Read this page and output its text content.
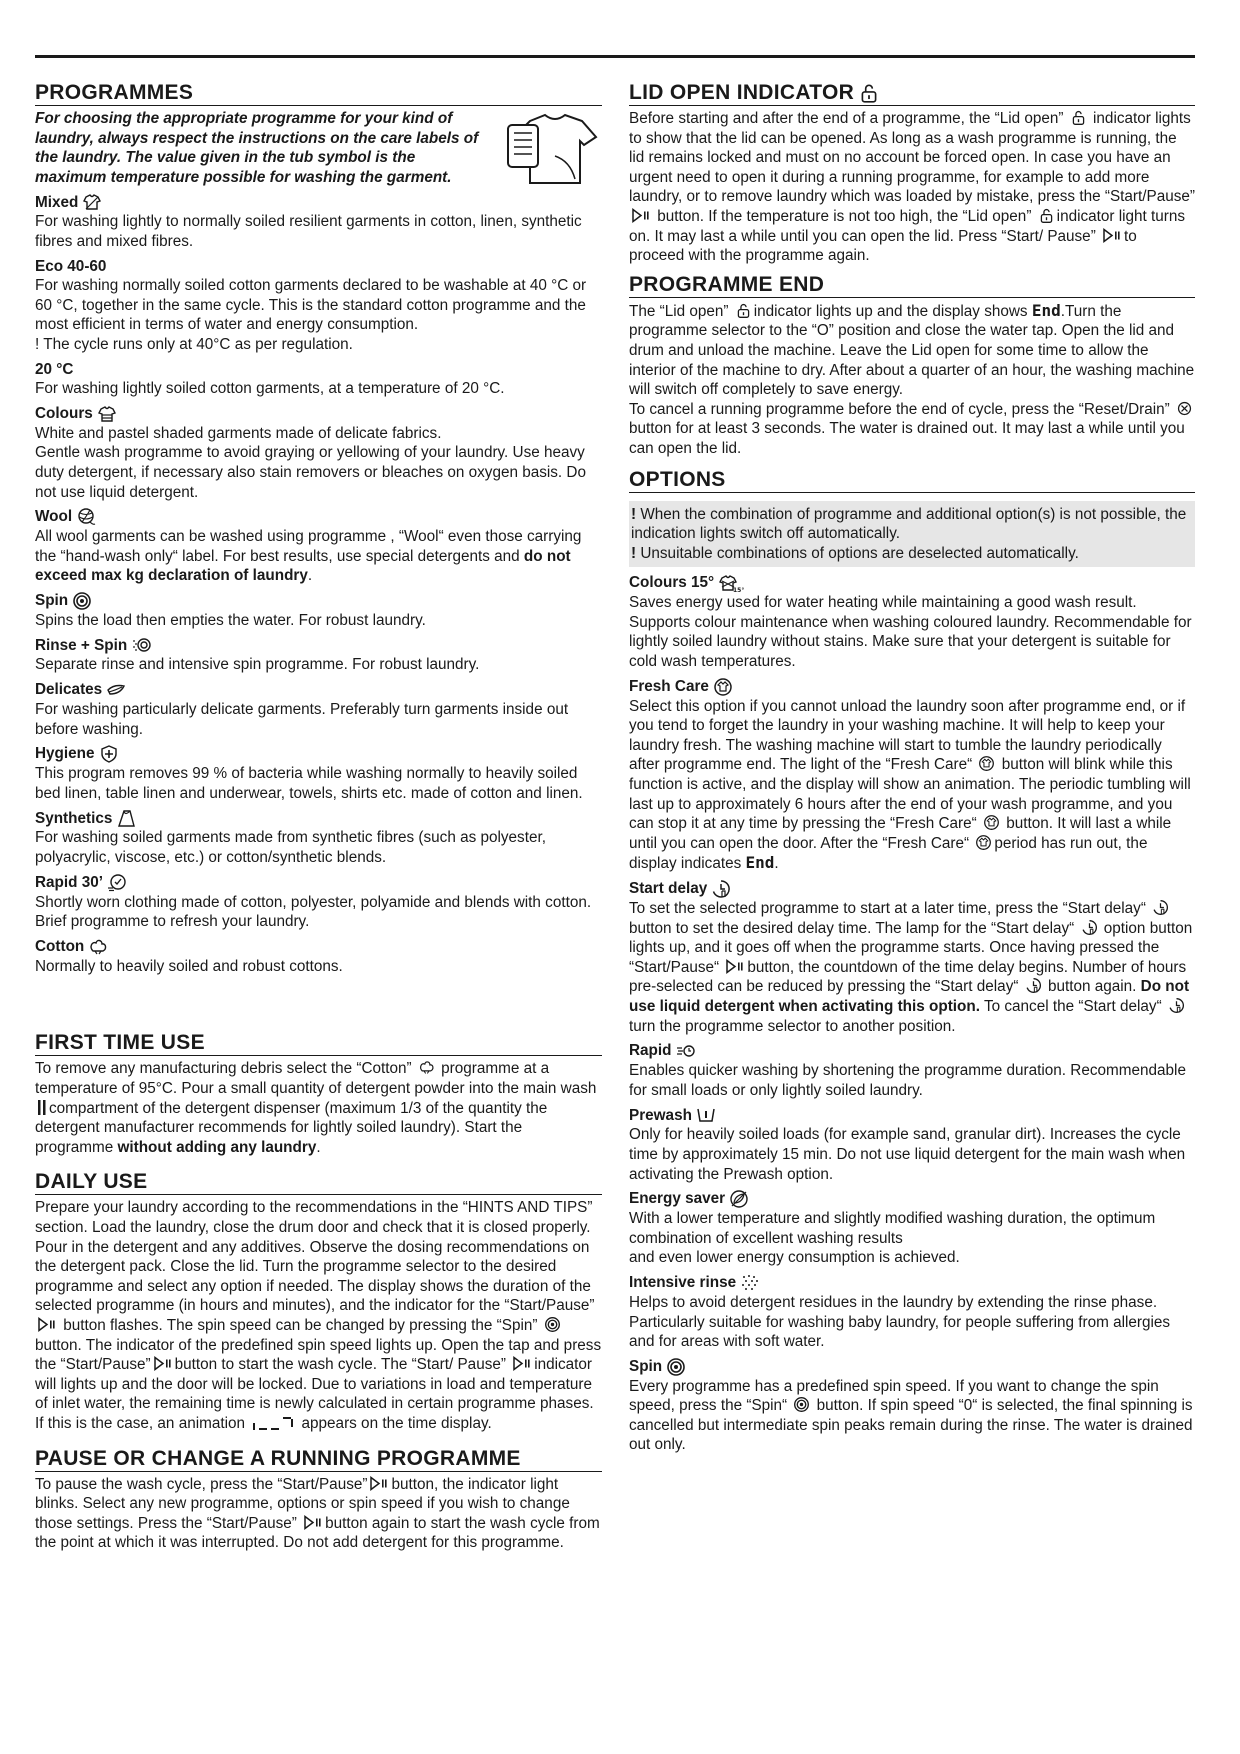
PROGRAMMES

For choosing the appropriate programme for your kind of laundry, always respect the instructions on the care labels of the laundry. The value given in the tub symbol is the maximum temperature possible for washing the garment.

Mixed

For washing lightly to normally soiled resilient garments in cotton, linen, synthetic fibres and mixed fibres.

Eco 40-60

For washing normally soiled cotton garments declared to be washable at 40 °C or 60 °C, together in the same cycle. This is the standard cotton programme and the most efficient in terms of water and energy consumption.

! The cycle runs only at 40°C as per regulation.

20 °C

For washing lightly soiled cotton garments, at a temperature of 20 °C.

Colours

White and pastel shaded garments made of delicate fabrics.

Gentle wash programme to avoid graying or yellowing of your laundry. Use heavy duty detergent, if necessary also stain removers or bleaches on oxygen basis. Do not use liquid detergent.

Wool

All wool garments can be washed using programme , “Wool“ even those carrying the “hand-wash only“ label. For best results, use special detergents and do not exceed max kg declaration of laundry.

Spin

Spins the load then empties the water. For robust laundry.

Rinse + Spin

Separate rinse and intensive spin programme. For robust laundry.

Delicates

For washing particularly delicate garments. Preferably turn garments inside out before washing.

Hygiene

This program removes 99 % of bacteria while washing normally to heavily soiled bed linen, table linen and underwear, towels, shirts etc. made of cotton and linen.

Synthetics

For washing soiled garments made from synthetic fibres (such as polyester, polyacrylic, viscose, etc.) or cotton/synthetic blends.

Rapid 30’

Shortly worn clothing made of cotton, polyester, polyamide and blends with cotton. Brief programme to refresh your laundry.

Cotton

Normally to heavily soiled and robust cottons.

FIRST TIME USE

To remove any manufacturing debris select the “Cotton”  programme at a temperature of 95°C. Pour a small quantity of detergent powder into the main washcompartment of the detergent dispenser (maximum 1/3 of the quantity the detergent manufacturer recommends for lightly soiled laundry). Start the programme without adding any laundry.

DAILY USE

Prepare your laundry according to the recommendations in the “HINTS AND TIPS” section. Load the laundry, close the drum door and check that it is closed properly. Pour in the detergent and any additives. Observe the dosing recommendations on the detergent pack. Close the lid. Turn the programme selector to the desired programme and select any option if needed. The display shows the duration of the selected programme (in hours and minutes), and the indicator for the “Start/Pause”  button flashes. The spin speed can be changed by pressing the “Spin”  button. The indicator of the predefined spin speed lights up. Open the tap and press the “Start/Pause” button to start the wash cycle. The “Start/ Pause” indicator will lights up and the door will be locked. Due to variations in load and temperature of inlet water, the remaining time is newly calculated in certain programme phases. If this is the case, an animation	appears on the time display.

PAUSE OR CHANGE A RUNNING PROGRAMME

To pause the wash cycle, press the “Start/Pause” button, the indicator light blinks. Select any new programme, options or spin speed if you wish to change those settings. Press the “Start/Pause” button again to start the wash cycle from the point at which it was interrupted. Do not add detergent for this programme.

LID OPEN INDICATOR

Before starting and after the end of a programme, the “Lid open” indicator lights to show that the lid can be opened. As long as a wash programme is running, the lid remains locked and must on no account be forced open. In case you have an urgent need to open it during a running programme, for example to add more laundry, or to remove laundry which was loaded by mistake, press the “Start/Pause”  button. If the temperature is not too high, the “Lid open” indicator light turns on. It may last a while until you can open the lid. Press “Start/ Pause” to proceed with the programme again.

PROGRAMME END

The “Lid open” indicator lights up and the display shows End.Turn the programme selector to the “O” position and close the water tap. Open the lid and drum and unload the machine. Leave the Lid open for some time to allow the interior of the machine to dry. After about a quarter of an hour, the washing machine will switch off completely to save energy.

To cancel a running programme before the end of cycle, press the “Reset/Drain”  button for at least 3 seconds. The water is drained out. It may last a while until you can open the lid.

OPTIONS

! When the combination of programme and additional option(s) is not possible, the indication lights switch off automatically.

! Unsuitable combinations of options are deselected automatically.

Colours 15°	15°

Saves energy used for water heating while maintaining a good wash result. Supports colour maintenance when washing coloured laundry. Recommendable for lightly soiled laundry without stains. Make sure that your detergent is suitable for cold wash temperatures.

Fresh Care

Select this option if you cannot unload the laundry soon after programme end, or if you tend to forget the laundry in your washing machine. It will help to keep your laundry fresh. The washing machine will start to tumble the laundry periodically after programme end. The light of the “Fresh Care“ button will blink while this function is active, and the display will show an animation. The periodic tumbling will last up to approximately 6 hours after the end of your wash programme, and you can stop it at any time by pressing the “Fresh Care“ button. It will last a while until you can open the door. After the “Fresh Care“ period has run out, the display indicates End.

Start delay

To set the selected programme to start at a later time, press the “Start delay“  button to set the desired delay time. The lamp for the “Start delay“ option button lights up, and it goes off when the programme starts. Once having pressed the “Start/Pause“ button, the countdown of the time delay begins. Number of hours pre-selected can be reduced by pressing the “Start delay“ button again. Do not use liquid detergent when activating this option. To cancel the “Start delay“  turn the programme selector to another position.

Rapid

Enables quicker washing by shortening the programme duration. Recommendable for small loads or only lightly soiled laundry.

Prewash

Only for heavily soiled loads (for example sand, granular dirt). Increases the cycle time by approximately 15 min. Do not use liquid detergent for the main wash when activating the Prewash option.

Energy saver

With a lower temperature and slightly modified washing duration, the optimum combination of excellent washing results

and even lower energy consumption is achieved.

Intensive rinse

Helps to avoid detergent residues in the laundry by extending the rinse phase. Particularly suitable for washing baby laundry, for people suffering from allergies and for areas with soft water.

Spin

Every programme has a predefined spin speed. If you want to change the spin speed, press the “Spin“ button. If spin speed “0“ is selected, the final spinning is cancelled but intermediate spin peaks remain during the rinse. The water is drained out only.
